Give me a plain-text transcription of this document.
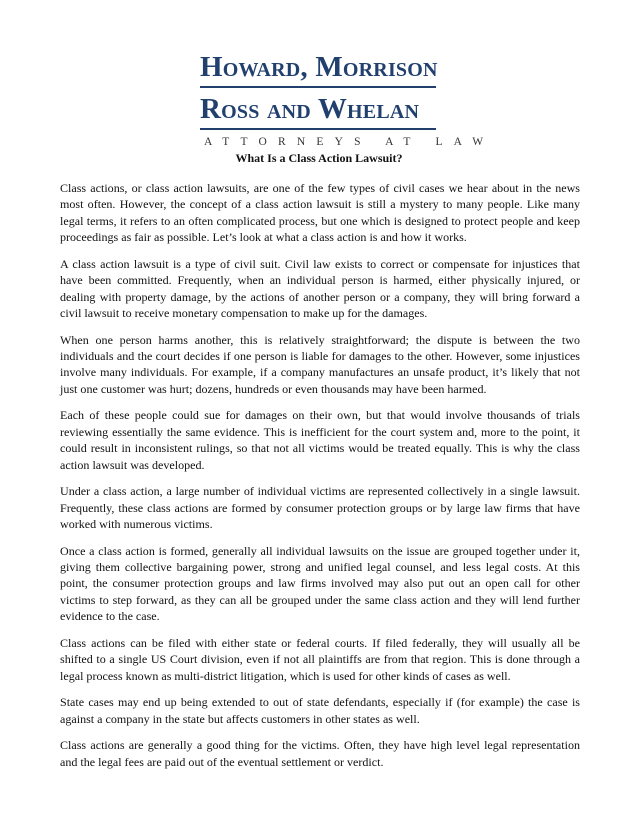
Howard, Morrison
Ross and Whelan
ATTORNEYS AT LAW
What Is a Class Action Lawsuit?

Class actions, or class action lawsuits, are one of the few types of civil cases we hear about in the news most often. However, the concept of a class action lawsuit is still a mystery to many people. Like many legal terms, it refers to an often complicated process, but one which is designed to protect people and keep proceedings as fair as possible. Let’s look at what a class action is and how it works.

A class action lawsuit is a type of civil suit. Civil law exists to correct or compensate for injustices that have been committed. Frequently, when an individual person is harmed, either physically injured, or dealing with property damage, by the actions of another person or a company, they will bring forward a civil lawsuit to receive monetary compensation to make up for the damages.

When one person harms another, this is relatively straightforward; the dispute is between the two individuals and the court decides if one person is liable for damages to the other. However, some injustices involve many individuals. For example, if a company manufactures an unsafe product, it’s likely that not just one customer was hurt; dozens, hundreds or even thousands may have been harmed.

Each of these people could sue for damages on their own, but that would involve thousands of trials reviewing essentially the same evidence. This is inefficient for the court system and, more to the point, it could result in inconsistent rulings, so that not all victims would be treated equally. This is why the class action lawsuit was developed.

Under a class action, a large number of individual victims are represented collectively in a single lawsuit. Frequently, these class actions are formed by consumer protection groups or by large law firms that have worked with numerous victims.

Once a class action is formed, generally all individual lawsuits on the issue are grouped together under it, giving them collective bargaining power, strong and unified legal counsel, and less legal costs. At this point, the consumer protection groups and law firms involved may also put out an open call for other victims to step forward, as they can all be grouped under the same class action and they will lend further evidence to the case.

Class actions can be filed with either state or federal courts. If filed federally, they will usually all be shifted to a single US Court division, even if not all plaintiffs are from that region. This is done through a legal process known as multi-district litigation, which is used for other kinds of cases as well.

State cases may end up being extended to out of state defendants, especially if (for example) the case is against a company in the state but affects customers in other states as well.

Class actions are generally a good thing for the victims. Often, they have high level legal representation and the legal fees are paid out of the eventual settlement or verdict.
